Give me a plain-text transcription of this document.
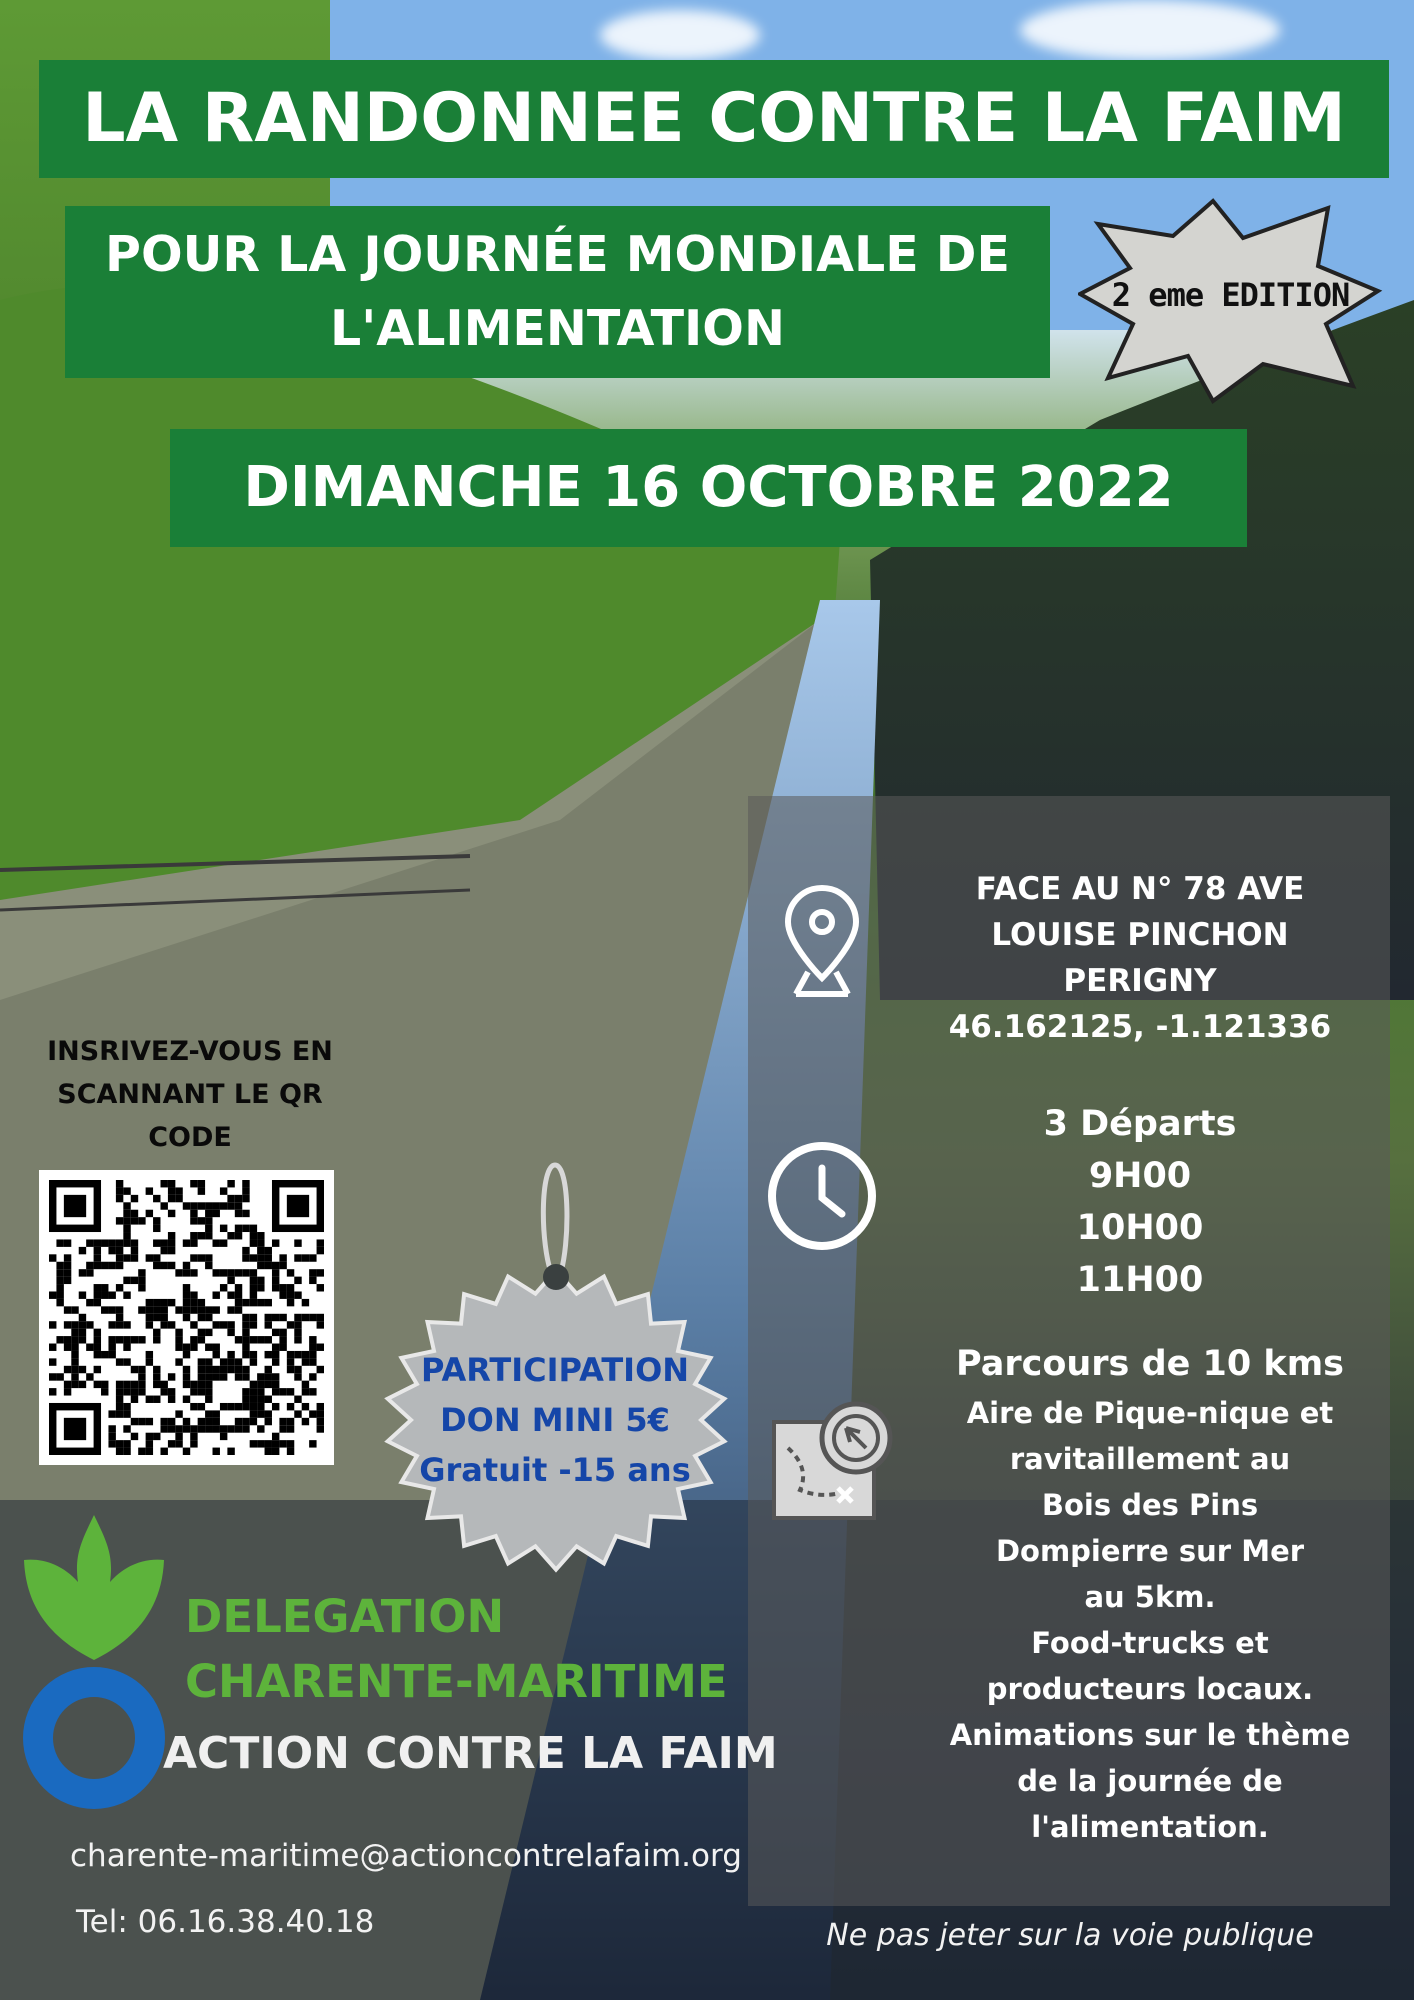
LA RANDONNEE CONTRE LA FAIM
POUR LA JOURNÉE MONDIALE DE
L'ALIMENTATION
DIMANCHE 16 OCTOBRE 2022
2 eme EDITION
FACE AU N° 78 AVE
LOUISE PINCHON
PERIGNY
46.162125, -1.121336
3 Départs
9H00
10H00
11H00
Parcours de 10 kms
Aire de Pique-nique et
ravitaillement au
Bois des Pins
Dompierre sur Mer
au 5km.
Food-trucks et
producteurs locaux.
Animations sur le thème
de la journée de
l'alimentation.
INSRIVEZ-VOUS EN
SCANNANT LE QR
CODE
PARTICIPATION
DON MINI 5€
Gratuit -15 ans
DELEGATION
CHARENTE-MARITIME
ACTION CONTRE LA FAIM
charente-maritime@actioncontrelafaim.org
Tel: 06.16.38.40.18	Ne pas jeter sur la voie publique
